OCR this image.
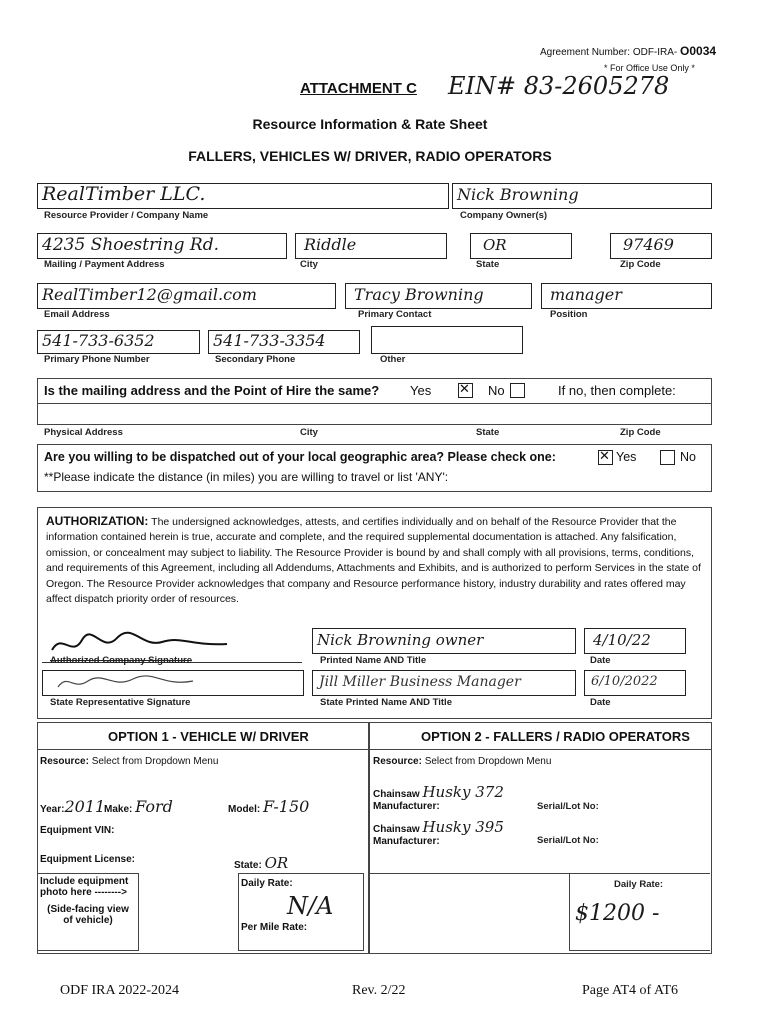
Agreement Number: ODF-IRA- O0034
* For Office Use Only *
ATTACHMENT C EIN# 83-2605278
Resource Information & Rate Sheet
FALLERS, VEHICLES W/ DRIVER, RADIO OPERATORS
RealTimber LLC.
Resource Provider / Company Name
Nick Browning
Company Owner(s)
4235 Shoestring Rd.
Mailing / Payment Address
Riddle
City
OR
State
97469
Zip Code
RealTimber12@gmail.com
Email Address
Tracy Browning
Primary Contact
manager
Position
541-733-6352
Primary Phone Number
541-733-3354
Secondary Phone	Other
Is the mailing address and the Point of Hire the same? Yes ✕	No	If no, then complete:
Physical Address	City	State	Zip Code
Are you willing to be dispatched out of your local geographic area? Please check one: ✕	Yes	No
**Please indicate the distance (in miles) you are willing to travel or list 'ANY':
AUTHORIZATION: The undersigned acknowledges, attests, and certifies individually and on behalf of the Resource Provider that the information contained herein is true, accurate and complete, and the required supplemental documentation is attached. Any falsification, omission, or concealment may subject to liability. The Resource Provider is bound by and shall comply with all provisions, terms, conditions, and requirements of this Agreement, including all Addendums, Attachments and Exhibits, and is authorized to perform Services in the state of Oregon. The Resource Provider acknowledges that company and Resource performance history, industry durability and rates offered may affect dispatch priority order of resources.
Authorized Company Signature
Nick Browning owner
Printed Name AND Title
4/10/22
Date
State Representative Signature
Jill Miller Business Manager
State Printed Name AND Title
6/10/2022
Date
OPTION 1 - VEHICLE W/ DRIVER
Resource: Select from Dropdown Menu
Year:2011
Make: Ford	Model: F-150
Equipment VIN:
Equipment License:
State: OR
Include equipment photo here -------->
(Side-facing view of vehicle)
Daily Rate:
N/A
Per Mile Rate:
OPTION 2 - FALLERS / RADIO OPERATORS
Resource: Select from Dropdown Menu
Chainsaw Husky 372
Manufacturer:	Serial/Lot No:
Chainsaw Husky 395
Manufacturer:	Serial/Lot No:
Daily Rate:
$1200 -
ODF IRA 2022-2024	Rev. 2/22	Page AT4 of AT6
